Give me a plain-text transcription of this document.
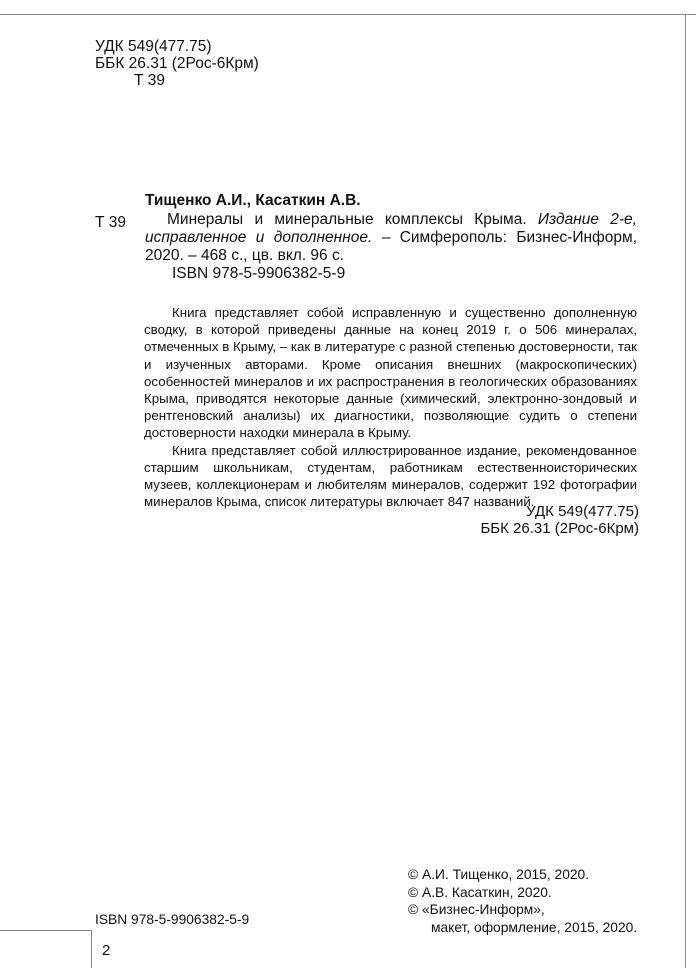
УДК 549(477.75)
ББК 26.31 (2Рос-6Крм)
Т 39
Т 39
Тищенко А.И., Касаткин А.В.
Минералы и минеральные комплексы Крыма. Издание 2-е, исправленное и дополненное. – Симферополь: Бизнес-Информ, 2020. – 468 с., цв. вкл. 96 с.
ISBN 978-5-9906382-5-9

Книга представляет собой исправленную и существенно дополненную сводку, в которой приведены данные на конец 2019 г. о 506 минералах, отмеченных в Крыму, – как в литературе с разной степенью достоверности, так и изученных авторами. Кроме описания внешних (макроскопических) особенностей минералов и их распространения в геологических образованиях Крыма, приводятся некоторые данные (химический, электронно-зондовый и рентгеновский анализы) их диагностики, позволяющие судить о степени достоверности находки минерала в Крыму.

Книга представляет собой иллюстрированное издание, рекомендованное старшим школьникам, студентам, работникам естественноисторических музеев, коллекционерам и любителям минералов, содержит 192 фотографии минералов Крыма, список литературы включает 847 названий.

УДК 549(477.75)
ББК 26.31 (2Рос-6Крм)
© А.И. Тищенко, 2015, 2020.
© А.В. Касаткин, 2020.
© «Бизнес-Информ»,
макет, оформление, 2015, 2020.
ISBN 978-5-9906382-5-9
2
